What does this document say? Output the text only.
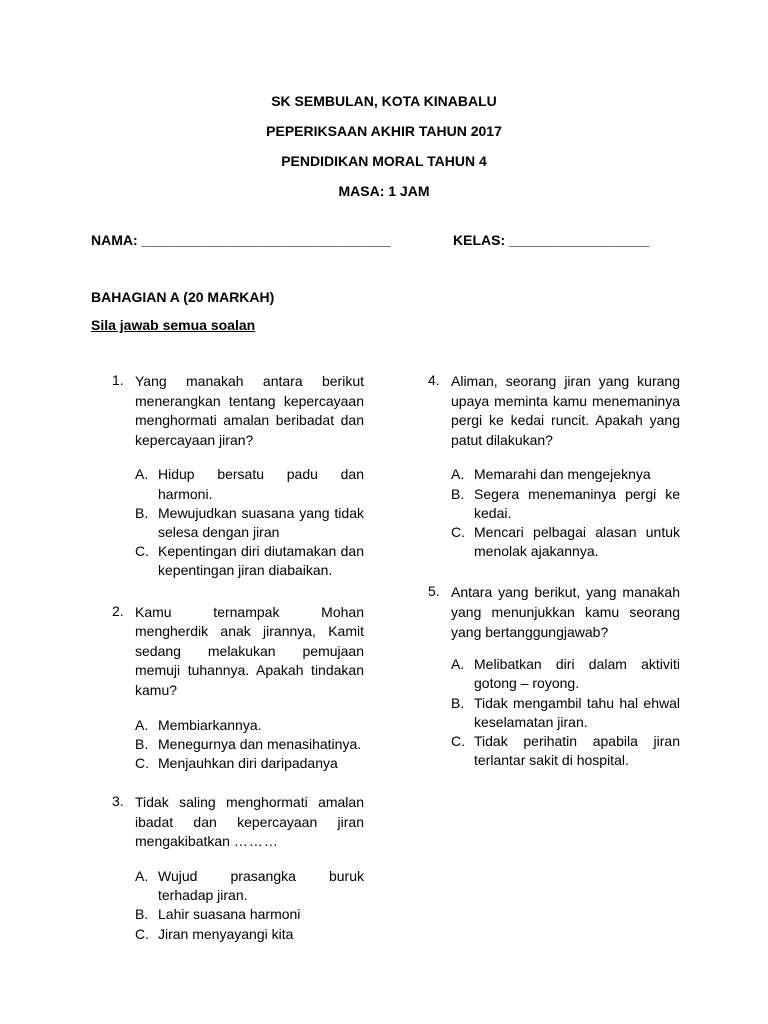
SK SEMBULAN, KOTA KINABALU
PEPERIKSAAN AKHIR TAHUN 2017
PENDIDIKAN MORAL TAHUN 4
MASA: 1 JAM
NAMA: ________________________________	KELAS: __________________
BAHAGIAN A (20 MARKAH)
Sila jawab semua soalan
1. Yang manakah antara berikut menerangkan tentang kepercayaan menghormati amalan beribadat dan kepercayaan jiran?
A. Hidup bersatu padu dan harmoni.
B. Mewujudkan suasana yang tidak selesa dengan jiran
C. Kepentingan diri diutamakan dan kepentingan jiran diabaikan.
2. Kamu ternampak Mohan mengherdik anak jirannya, Kamit sedang melakukan pemujaan memuji tuhannya. Apakah tindakan kamu?
A. Membiarkannya.
B. Menegurnya dan menasihatinya.
C. Menjauhkan diri daripadanya
3. Tidak saling menghormati amalan ibadat dan kepercayaan jiran
mengakibatkan ………
A. Wujud prasangka buruk terhadap jiran.
B. Lahir suasana harmoni
C. Jiran menyayangi kita
4. Aliman, seorang jiran yang kurang upaya meminta kamu menemaninya pergi ke kedai runcit. Apakah yang patut dilakukan?
A. Memarahi dan mengejeknya
B. Segera menemaninya pergi ke kedai.
C. Mencari pelbagai alasan untuk menolak ajakannya.
5. Antara yang berikut, yang manakah yang menunjukkan kamu seorang yang bertanggungjawab?
A. Melibatkan diri dalam aktiviti gotong – royong.
B. Tidak mengambil tahu hal ehwal keselamatan jiran.
C. Tidak perihatin apabila jiran terlantar sakit di hospital.
